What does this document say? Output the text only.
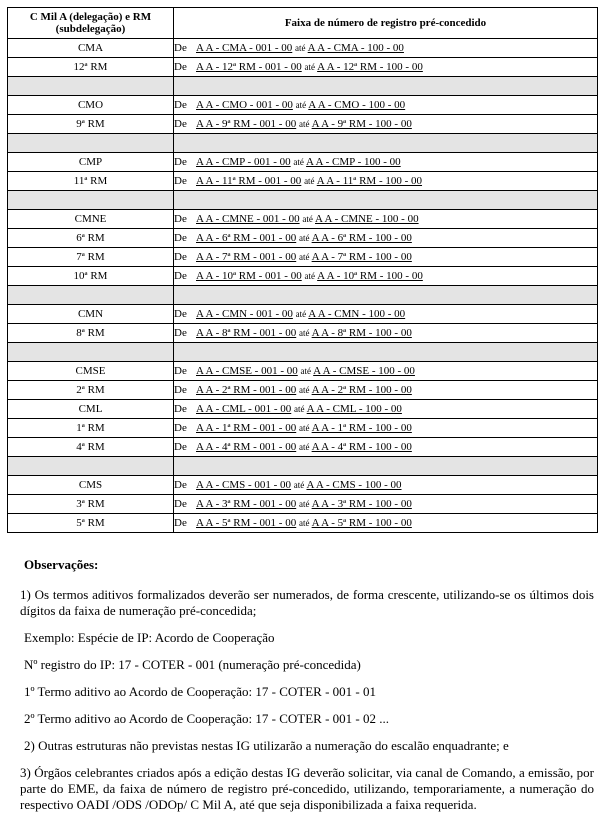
C Mil A (delegação) e RM (subdelegação)	Faixa de número de registro pré-concedido
CMA	De A A - CMA - 001 - 00 até A A - CMA - 100 - 00
12ª RM	De A A - 12ª RM - 001 - 00 até A A - 12ª RM - 100 - 00

CMO	De A A - CMO - 001 - 00 até A A - CMO - 100 - 00
9ª RM	De A A - 9ª RM - 001 - 00 até A A - 9ª RM - 100 - 00

CMP	De A A - CMP - 001 - 00 até A A - CMP - 100 - 00
11ª RM	De A A - 11ª RM - 001 - 00 até A A - 11ª RM - 100 - 00

CMNE	De A A - CMNE - 001 - 00 até A A - CMNE - 100 - 00
6ª RM	De A A - 6ª RM - 001 - 00 até A A - 6ª RM - 100 - 00
7ª RM	De A A - 7ª RM - 001 - 00 até A A - 7ª RM - 100 - 00
10ª RM	De A A - 10ª RM - 001 - 00 até A A - 10ª RM - 100 - 00

CMN	De A A - CMN - 001 - 00 até A A - CMN - 100 - 00
8ª RM	De A A - 8ª RM - 001 - 00 até A A - 8ª RM - 100 - 00

CMSE	De A A - CMSE - 001 - 00 até A A - CMSE - 100 - 00
2ª RM	De A A - 2ª RM - 001 - 00 até A A - 2ª RM - 100 - 00
CML	De A A - CML - 001 - 00 até A A - CML - 100 - 00
1ª RM	De A A - 1ª RM - 001 - 00 até A A - 1ª RM - 100 - 00
4ª RM	De A A - 4ª RM - 001 - 00 até A A - 4ª RM - 100 - 00

CMS	De A A - CMS - 001 - 00 até A A - CMS - 100 - 00
3ª RM	De A A - 3ª RM - 001 - 00 até A A - 3ª RM - 100 - 00
5ª RM	De A A - 5ª RM - 001 - 00 até A A - 5ª RM - 100 - 00
Observações:

1) Os termos aditivos formalizados deverão ser numerados, de forma crescente, utilizando-se os últimos dois dígitos da faixa de numeração pré-concedida;

Exemplo: Espécie de IP: Acordo de Cooperação

Nº registro do IP: 17 - COTER - 001 (numeração pré-concedida)

1º Termo aditivo ao Acordo de Cooperação: 17 - COTER - 001 - 01

2º Termo aditivo ao Acordo de Cooperação: 17 - COTER - 001 - 02 ...

2) Outras estruturas não previstas nestas IG utilizarão a numeração do escalão enquadrante; e

3) Órgãos celebrantes criados após a edição destas IG deverão solicitar, via canal de Comando, a emissão, por parte do EME, da faixa de número de registro pré-concedido, utilizando, temporariamente, a numeração do respectivo OADI /ODS /ODOp/ C Mil A, até que seja disponibilizada a faixa requerida.
